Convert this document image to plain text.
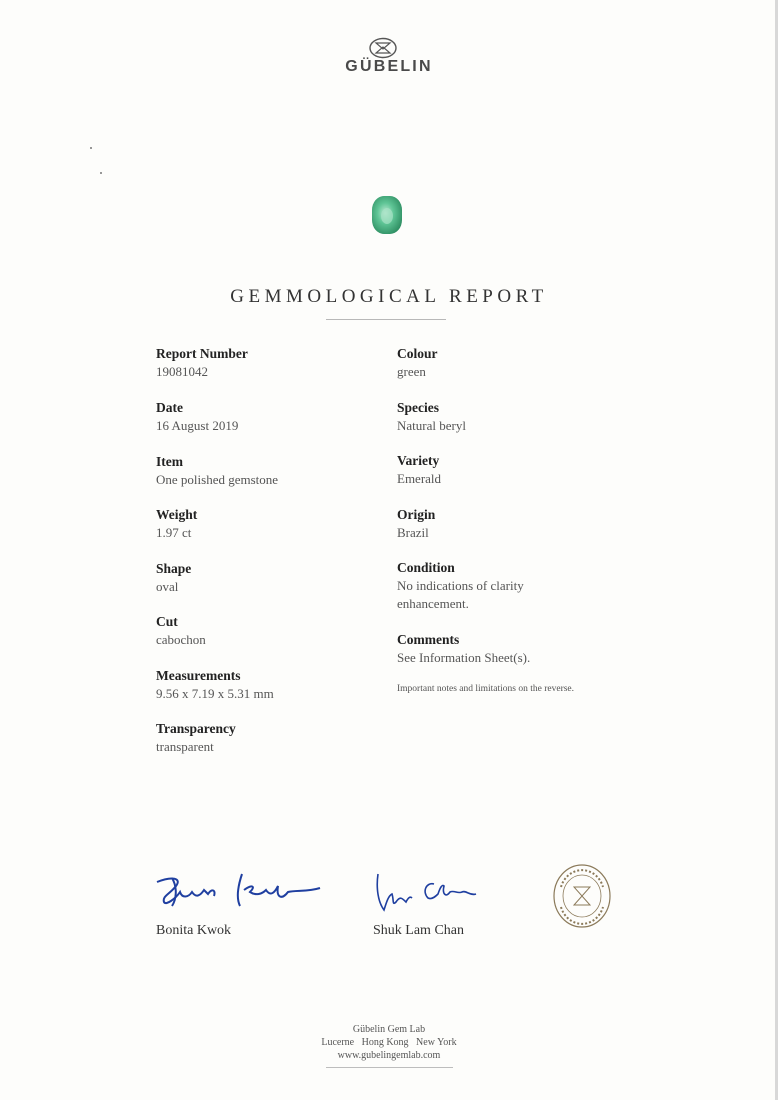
GÜBELIN
GEMMOLOGICAL REPORT
Report Number
19081042
Date
16 August 2019
Item
One polished gemstone
Weight
1.97 ct
Shape
oval
Cut
cabochon
Measurements
9.56 x 7.19 x 5.31 mm
Transparency
transparent
Colour
green
Species
Natural beryl
Variety
Emerald
Origin
Brazil
Condition
No indications of clarity
enhancement.
Comments
See Information Sheet(s).
Important notes and limitations on the reverse.
Bonita Kwok	Shuk Lam Chan
Gübelin Gem Lab
Lucerne   Hong Kong   New York
www.gubelingemlab.com
